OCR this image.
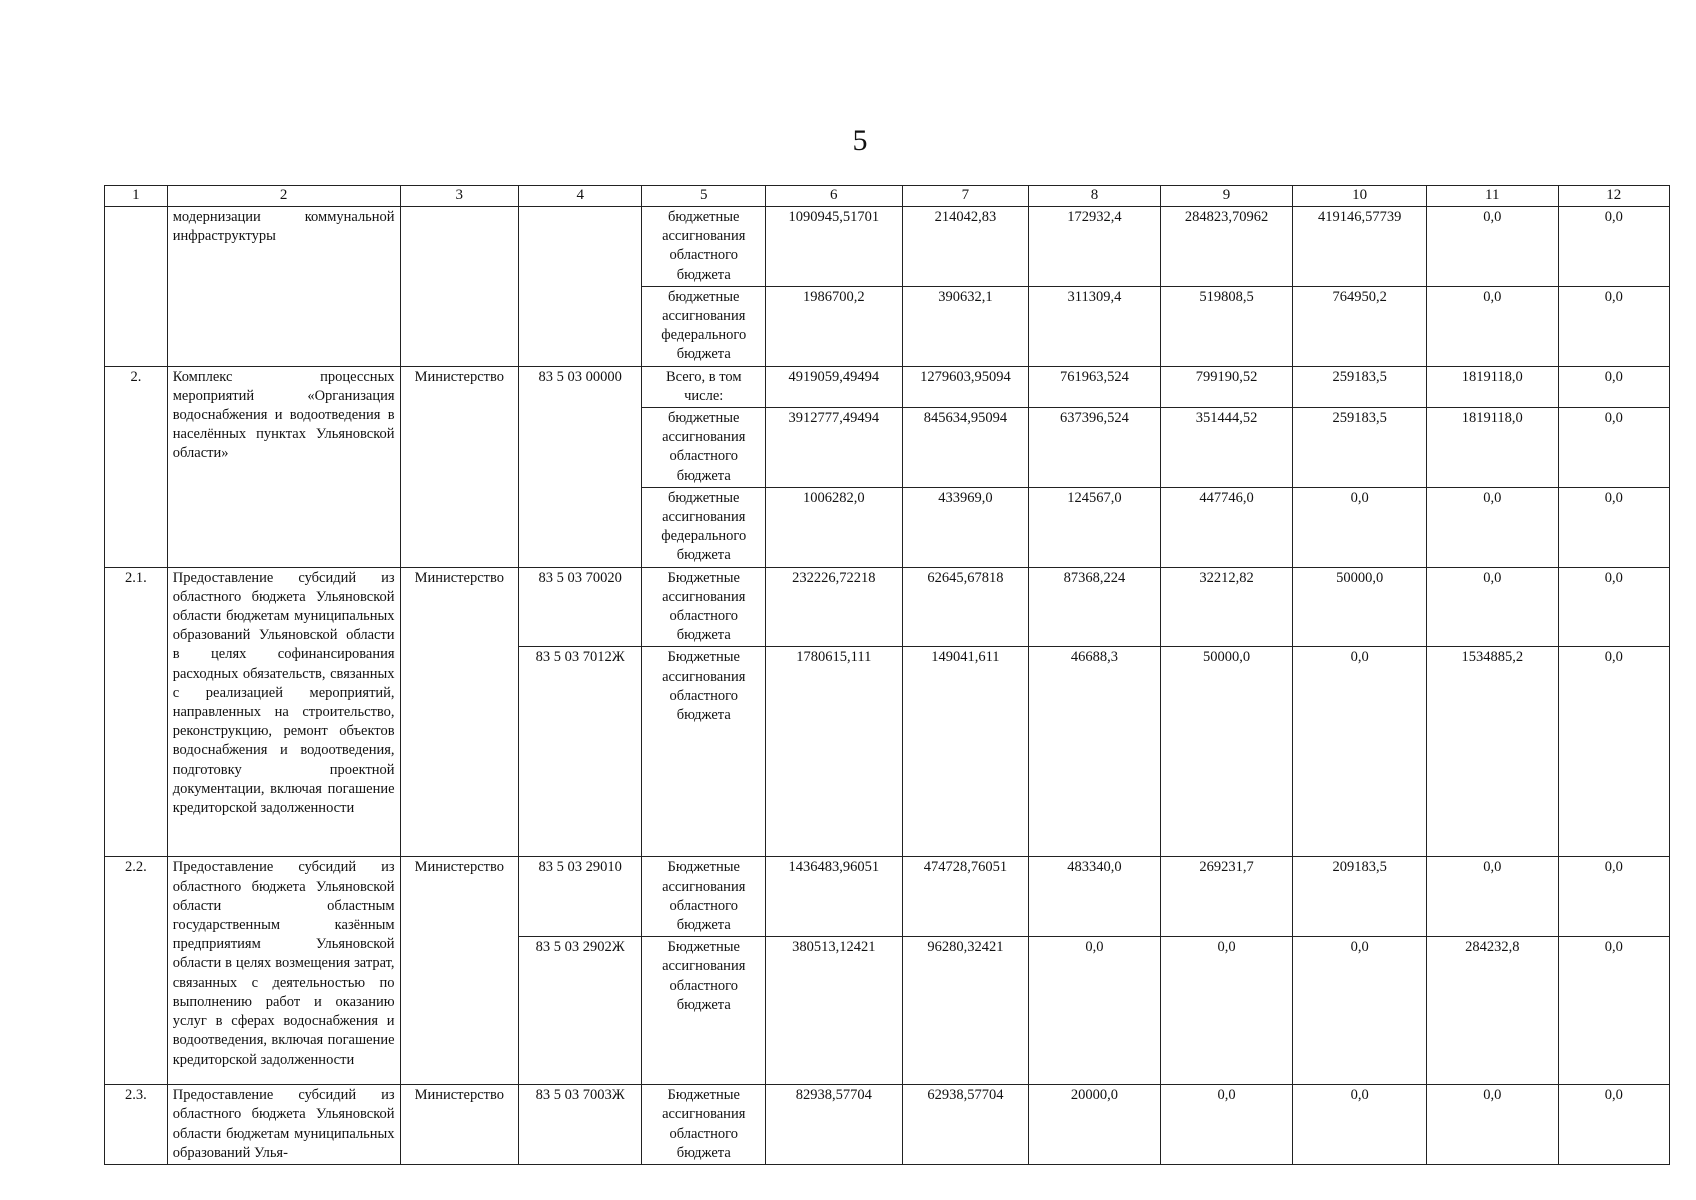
5
1	2	3	4	5	6	7	8	9	10	11	12
	модернизации коммунальной инфраструктуры			бюджетные ассигнования областного бюджета	1090945,51701	214042,83	172932,4	284823,70962	419146,57739	0,0	0,0
				бюджетные ассигнования федерального бюджета	1986700,2	390632,1	311309,4	519808,5	764950,2	0,0	0,0
2.	Комплекс процессных мероприятий «Организация водоснабжения и водоотведения в населённых пунктах Ульяновской области»	Министерство	83 5 03 00000	Всего, в том числе:	4919059,49494	1279603,95094	761963,524	799190,52	259183,5	1819118,0	0,0
				бюджетные ассигнования областного бюджета	3912777,49494	845634,95094	637396,524	351444,52	259183,5	1819118,0	0,0
				бюджетные ассигнования федерального бюджета	1006282,0	433969,0	124567,0	447746,0	0,0	0,0	0,0
2.1.	Предоставление субсидий из областного бюджета Ульяновской области бюджетам муниципальных образований Ульяновской области в целях софинансирования расходных обязательств, связанных с реализацией мероприятий, направленных на строительство, реконструкцию, ремонт объектов водоснабжения и водоотведения, подготовку проектной документации, включая погашение кредиторской задолженности	Министерство	83 5 03 70020	Бюджетные ассигнования областного бюджета	232226,72218	62645,67818	87368,224	32212,82	50000,0	0,0	0,0
			83 5 03 7012Ж	Бюджетные ассигнования областного бюджета	1780615,111	149041,611	46688,3	50000,0	0,0	1534885,2	0,0
2.2.	Предоставление субсидий из областного бюджета Ульяновской области областным государственным казённым предприятиям Ульяновской области в целях возмещения затрат, связанных с деятельностью по выполнению работ и оказанию услуг в сферах водоснабжения и водоотведения, включая погашение кредиторской задолженности	Министерство	83 5 03 29010	Бюджетные ассигнования областного бюджета	1436483,96051	474728,76051	483340,0	269231,7	209183,5	0,0	0,0
			83 5 03 2902Ж	Бюджетные ассигнования областного бюджета	380513,12421	96280,32421	0,0	0,0	0,0	284232,8	0,0
2.3.	Предоставление субсидий из областного бюджета Ульяновской области бюджетам муниципальных образований Улья-	Министерство	83 5 03 7003Ж	Бюджетные ассигнования областного бюджета	82938,57704	62938,57704	20000,0	0,0	0,0	0,0	0,0
